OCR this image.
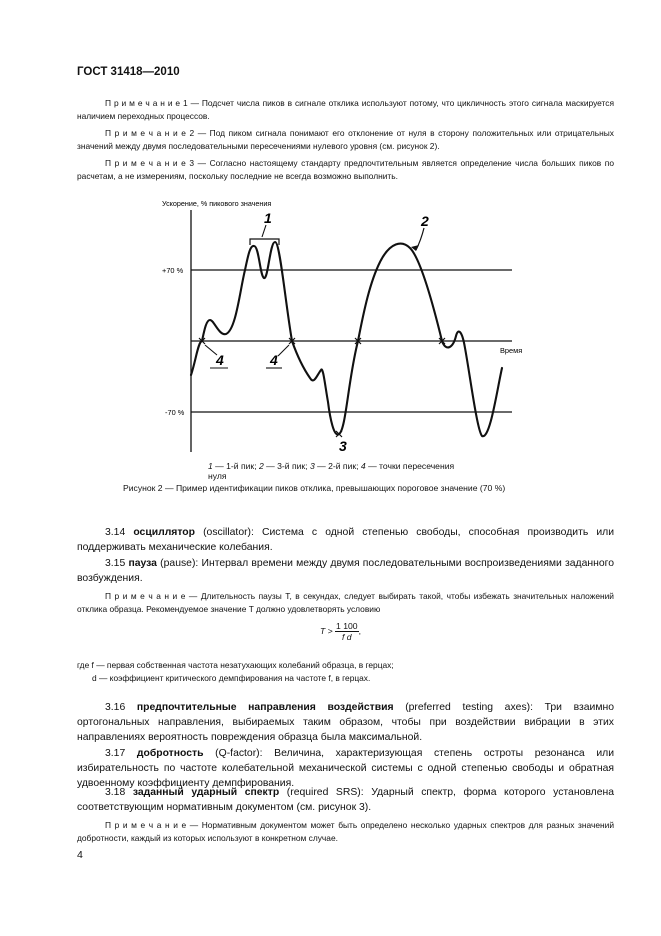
ГОСТ 31418—2010

П р и м е ч а н и е 1 — Подсчет числа пиков в сигнале отклика используют потому, что цикличность этого сигнала маскируется наличием переходных процессов.

П р и м е ч а н и е 2 — Под пиком сигнала понимают его отклонение от нуля в сторону положительных или отрицательных значений между двумя последовательными пересечениями нулевого уровня (см. рисунок 2).

П р и м е ч а н и е 3 — Согласно настоящему стандарту предпочтительным является определение числа больших пиков по расчетам, а не измерениям, поскольку последние не всегда возможно выполнить.

Ускорение, % пикового значения
+70 %
-70 %
Время
1	2
3
4	4
1 — 1-й пик; 2 — 3-й пик; 3 — 2-й пик; 4 — точки пересечения нуля
Рисунок 2 — Пример идентификации пиков отклика, превышающих пороговое значение (70 %)

3.14 осциллятор (oscillator): Система с одной степенью свободы, способная производить или поддерживать механические колебания.

3.15 пауза (pause): Интервал времени между двумя последовательными воспроизведениями заданного возбуждения.

П р и м е ч а н и е — Длительность паузы T, в секундах, следует выбирать такой, чтобы избежать значительных наложений отклика образца. Рекомендуемое значение T должно удовлетворять условию

$T > \frac{1 100}{\text{f d}}$ ,

где f — первая собственная частота незатухающих колебаний образца, в герцах;

d — коэффициент критического демпфирования на частоте f, в герцах.

3.16 предпочтительные направления воздействия (preferred testing axes): Три взаимно ортогональных направления, выбираемых таким образом, чтобы при воздействии вибрации в этих направлениях вероятность повреждения образца была максимальной.

3.17 добротность (Q-factor): Величина, характеризующая степень остроты резонанса или избирательность по частоте колебательной механической системы с одной степенью свободы и обратная удвоенному коэффициенту демпфирования.

3.18 заданный ударный спектр (required SRS): Ударный спектр, форма которого установлена соответствующим нормативным документом (см. рисунок 3).

П р и м е ч а н и е — Нормативным документом может быть определено несколько ударных спектров для разных значений добротности, каждый из которых используют в конкретном случае.

4
